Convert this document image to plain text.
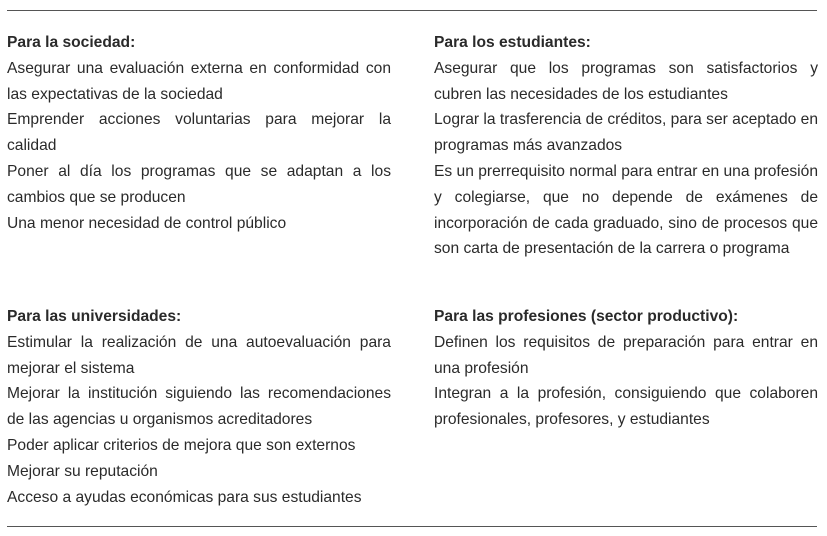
Para la sociedad:

Asegurar una evaluación externa en conformidad con las expectativas de la sociedad

Emprender acciones voluntarias para mejorar la calidad

Poner al día los programas que se adaptan a los cambios que se producen

Una menor necesidad de control público

Para los estudiantes:

Asegurar que los programas son satisfactorios y cubren las necesidades de los estudiantes

Lograr la trasferencia de créditos, para ser aceptado en programas más avanzados

Es un prerrequisito normal para entrar en una profesión y colegiarse, que no depende de exámenes de incorporación de cada graduado, sino de procesos que son carta de presentación de la carrera o programa

Para las universidades:

Estimular la realización de una autoevaluación para mejorar el sistema

Mejorar la institución siguiendo las recomendaciones de las agencias u organismos acreditadores

Poder aplicar criterios de mejora que son externos

Mejorar su reputación

Acceso a ayudas económicas para sus estudiantes

Para las profesiones (sector productivo):

Definen los requisitos de preparación para entrar en una profesión

Integran a la profesión, consiguiendo que colaboren profesionales, profesores, y estudiantes
